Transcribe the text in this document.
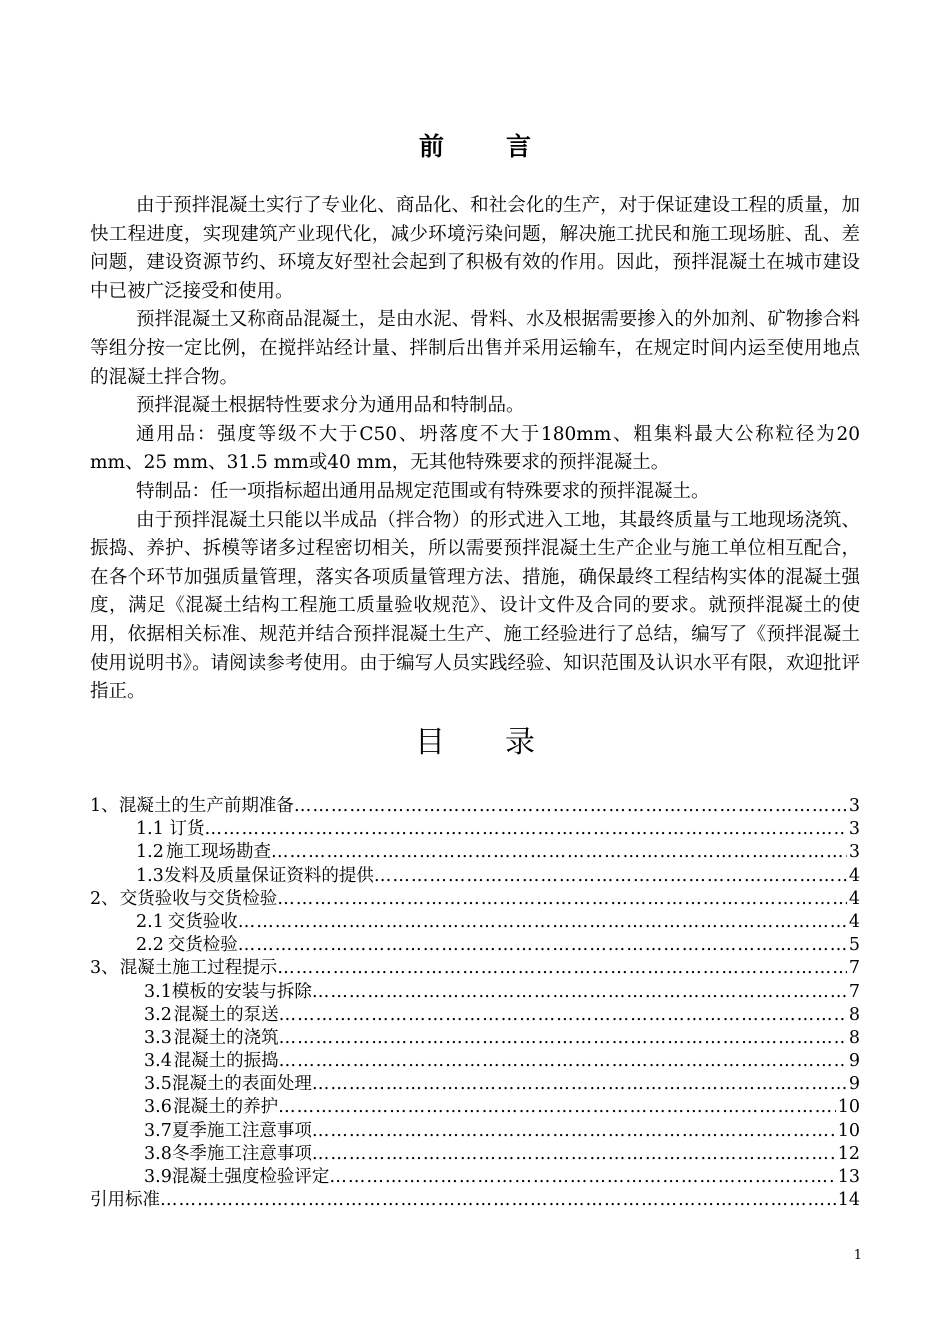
前言

由于预拌混凝土实行了专业化、商品化、和社会化的生产，对于保证建设工程的质量，加快工程进度，实现建筑产业现代化，减少环境污染问题，解决施工扰民和施工现场脏、乱、差问题，建设资源节约、环境友好型社会起到了积极有效的作用。因此，预拌混凝土在城市建设中已被广泛接受和使用。

预拌混凝土又称商品混凝土，是由水泥、骨料、水及根据需要掺入的外加剂、矿物掺合料等组分按一定比例，在搅拌站经计量、拌制后出售并采用运输车，在规定时间内运至使用地点的混凝土拌合物。

预拌混凝土根据特性要求分为通用品和特制品。

通用品：强度等级不大于C50、坍落度不大于180mm、粗集料最大公称粒径为20 mm、25 mm、31.5 mm或40 mm，无其他特殊要求的预拌混凝土。

特制品：任一项指标超出通用品规定范围或有特殊要求的预拌混凝土。

由于预拌混凝土只能以半成品（拌合物）的形式进入工地，其最终质量与工地现场浇筑、振捣、养护、拆模等诸多过程密切相关，所以需要预拌混凝土生产企业与施工单位相互配合，在各个环节加强质量管理，落实各项质量管理方法、措施，确保最终工程结构实体的混凝土强度，满足《混凝土结构工程施工质量验收规范》、设计文件及合同的要求。就预拌混凝土的使用，依据相关标准、规范并结合预拌混凝土生产、施工经验进行了总结，编写了《预拌混凝土使用说明书》。请阅读参考使用。由于编写人员实践经验、知识范围及认识水平有限，欢迎批评指正。

目录
1、 混凝土的生产前期准备 …………………………………………………………………………………………………………………………………………………………	3
1.1 订货 …………………………………………………………………………………………………………………………………………………………	3
1.2 施工现场勘查 …………………………………………………………………………………………………………………………………………………………	3
1.3 发料及质量保证资料的提供 …………………………………………………………………………………………………………………………………………………………	4
2、 交货验收与交货检验 …………………………………………………………………………………………………………………………………………………………	4
2.1 交货验收 …………………………………………………………………………………………………………………………………………………………	4
2.2 交货检验 …………………………………………………………………………………………………………………………………………………………	5
3、 混凝土施工过程提示 …………………………………………………………………………………………………………………………………………………………	7
3.1 模板的安装与拆除 …………………………………………………………………………………………………………………………………………………………	7
3.2 混凝土的泵送 …………………………………………………………………………………………………………………………………………………………	8
3.3 混凝土的浇筑 …………………………………………………………………………………………………………………………………………………………	8
3.4 混凝土的振捣 …………………………………………………………………………………………………………………………………………………………	9
3.5 混凝土的表面处理 …………………………………………………………………………………………………………………………………………………………	9
3.6 混凝土的养护 …………………………………………………………………………………………………………………………………………………………	10
3.7夏季施工注意事项 …………………………………………………………………………………………………………………………………………………………	10
3.8冬季施工注意事项 …………………………………………………………………………………………………………………………………………………………	12
3.9混凝土强度检验评定 …………………………………………………………………………………………………………………………………………………………	13
引用标准 …………………………………………………………………………………………………………………………………………………………	14
1
